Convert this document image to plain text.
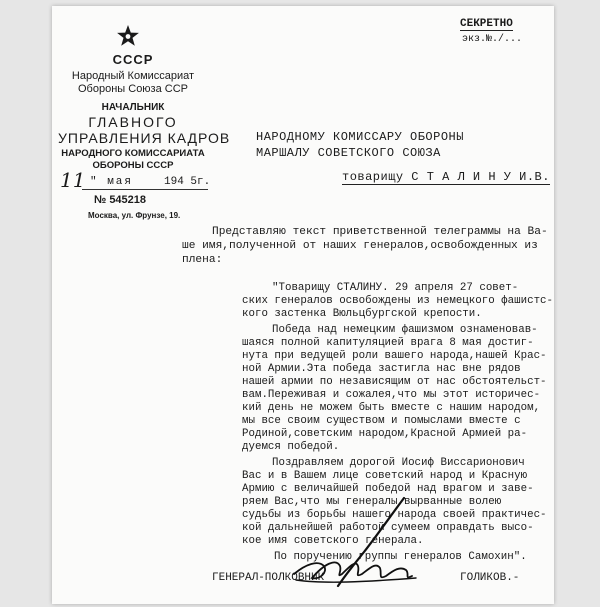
СЕКРЕТНО
экз.№./...
СССР
Народный Комиссариат
Обороны Союза ССР
НАЧАЛЬНИК
ГЛАВНОГО
УПРАВЛЕНИЯ КАДРОВ
НАРОДНОГО КОМИССАРИАТА
ОБОРОНЫ СССР
11 " мая	194 5г.
№ 545218
Москва, ул. Фрунзе, 19.
НАРОДНОМУ КОМИССАРУ ОБОРОНЫ
МАРШАЛУ СОВЕТСКОГО СОЮЗА
товарищу С Т А Л И Н У И.В.
Представляю текст приветственной телеграммы на Ва-
ше имя,полученной от наших генералов,освобожденных из
плена:
"Товарищу СТАЛИНУ. 29 апреля 27 совет-
ских генералов освобождены из немецкого фашистс-
кого застенка Вюльцбургской крепости.
Победа над немецким фашизмом ознаменовав-
шаяся полной капитуляцией врага 8 мая достиг-
нута при ведущей роли вашего народа,нашей Крас-
ной Армии.Эта победа застигла нас вне рядов
нашей армии по независящим от нас обстоятельст-
вам.Переживая и сожалея,что мы этот историчес-
кий день не можем быть вместе с нашим народом,
мы все своим существом и помыслами вместе с
Родиной,советским народом,Красной Армией ра-
дуемся победой.
Поздравляем дорогой Иосиф Виссарионович
Вас и в Вашем лице советский народ и Красную
Армию с величайшей победой над врагом и заве-
ряем Вас,что мы генералы вырванные волею
судьбы из борьбы нашего народа своей практичес-
кой дальнейшей работой сумеем оправдать высо-
кое имя советского генерала.
По поручению группы генералов Самохин".
ГЕНЕРАЛ-ПОЛКОВНИК	ГОЛИКОВ.-
